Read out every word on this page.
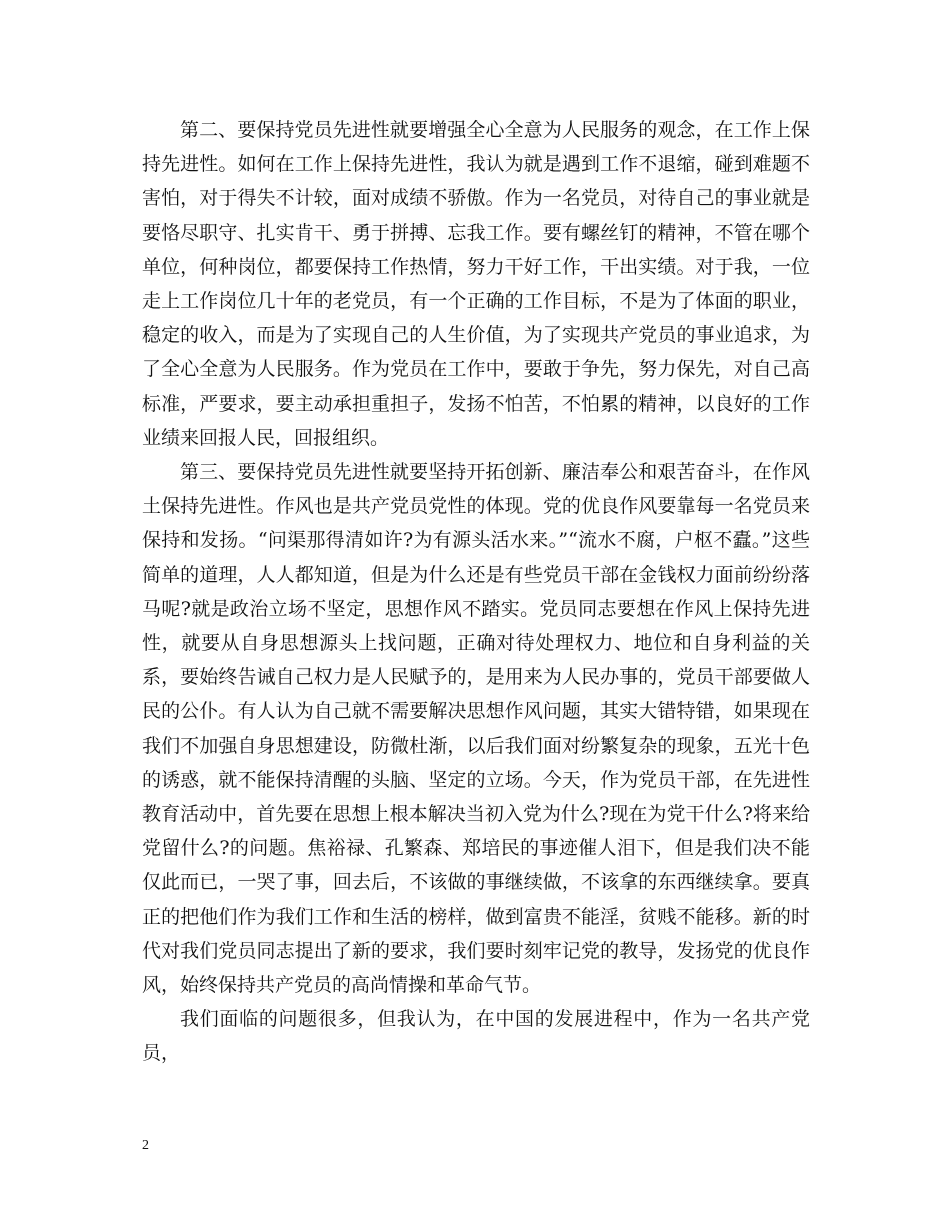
第二、要保持党员先进性就要增强全心全意为人民服务的观念，在工作上保持先进性。如何在工作上保持先进性，我认为就是遇到工作不退缩，碰到难题不害怕，对于得失不计较，面对成绩不骄傲。作为一名党员，对待自己的事业就是要恪尽职守、扎实肯干、勇于拼搏、忘我工作。要有螺丝钉的精神，不管在哪个单位，何种岗位，都要保持工作热情，努力干好工作，干出实绩。对于我，一位走上工作岗位几十年的老党员，有一个正确的工作目标，不是为了体面的职业，稳定的收入，而是为了实现自己的人生价值，为了实现共产党员的事业追求，为了全心全意为人民服务。作为党员在工作中，要敢于争先，努力保先，对自己高标准，严要求，要主动承担重担子，发扬不怕苦，不怕累的精神，以良好的工作业绩来回报人民，回报组织。

第三、要保持党员先进性就要坚持开拓创新、廉洁奉公和艰苦奋斗，在作风土保持先进性。作风也是共产党员党性的体现。党的优良作风要靠每一名党员来保持和发扬。“问渠那得清如许?为有源头活水来。”“流水不腐，户枢不蠹。”这些简单的道理，人人都知道，但是为什么还是有些党员干部在金钱权力面前纷纷落马呢?就是政治立场不坚定，思想作风不踏实。党员同志要想在作风上保持先进性，就要从自身思想源头上找问题，正确对待处理权力、地位和自身利益的关系，要始终告诫自己权力是人民赋予的，是用来为人民办事的，党员干部要做人民的公仆。有人认为自己就不需要解决思想作风问题，其实大错特错，如果现在我们不加强自身思想建设，防微杜渐，以后我们面对纷繁复杂的现象，五光十色的诱惑，就不能保持清醒的头脑、坚定的立场。今天，作为党员干部，在先进性教育活动中，首先要在思想上根本解决当初入党为什么?现在为党干什么?将来给党留什么?的问题。焦裕禄、孔繁森、郑培民的事迹催人泪下，但是我们决不能仅此而已，一哭了事，回去后，不该做的事继续做，不该拿的东西继续拿。要真正的把他们作为我们工作和生活的榜样，做到富贵不能淫，贫贱不能移。新的时代对我们党员同志提出了新的要求，我们要时刻牢记党的教导，发扬党的优良作风，始终保持共产党员的高尚情操和革命气节。

我们面临的问题很多，但我认为，在中国的发展进程中，作为一名共产党员，

2
